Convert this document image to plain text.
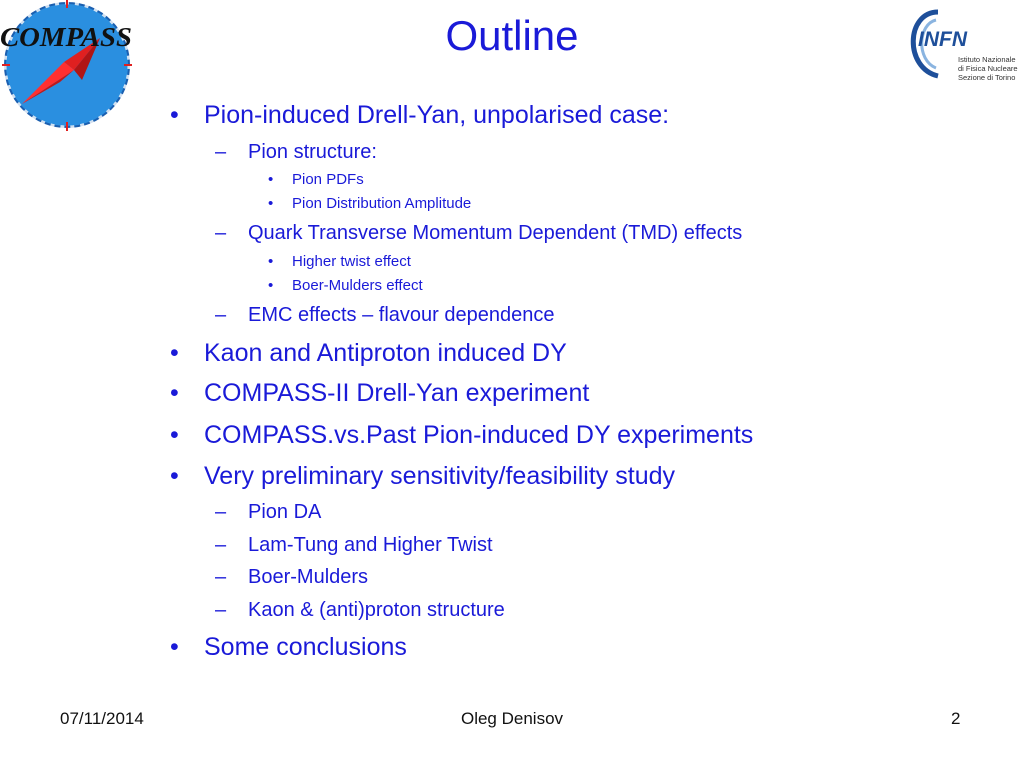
COMPASS	INFN
Istituto Nazionale
di Fisica Nucleare
Sezione di Torino
Outline
• Pion-induced Drell-Yan, unpolarised case:
– Pion structure:
• Pion PDFs
• Pion Distribution Amplitude
– Quark Transverse Momentum Dependent (TMD) effects
• Higher twist effect
• Boer-Mulders effect
– EMC effects – flavour dependence
• Kaon and Antiproton induced DY
• COMPASS-II Drell-Yan experiment
• COMPASS.vs.Past Pion-induced DY experiments
• Very preliminary sensitivity/feasibility study
– Pion DA
– Lam-Tung and Higher Twist
– Boer-Mulders
– Kaon & (anti)proton structure
• Some conclusions
07/11/2014	Oleg Denisov	2
